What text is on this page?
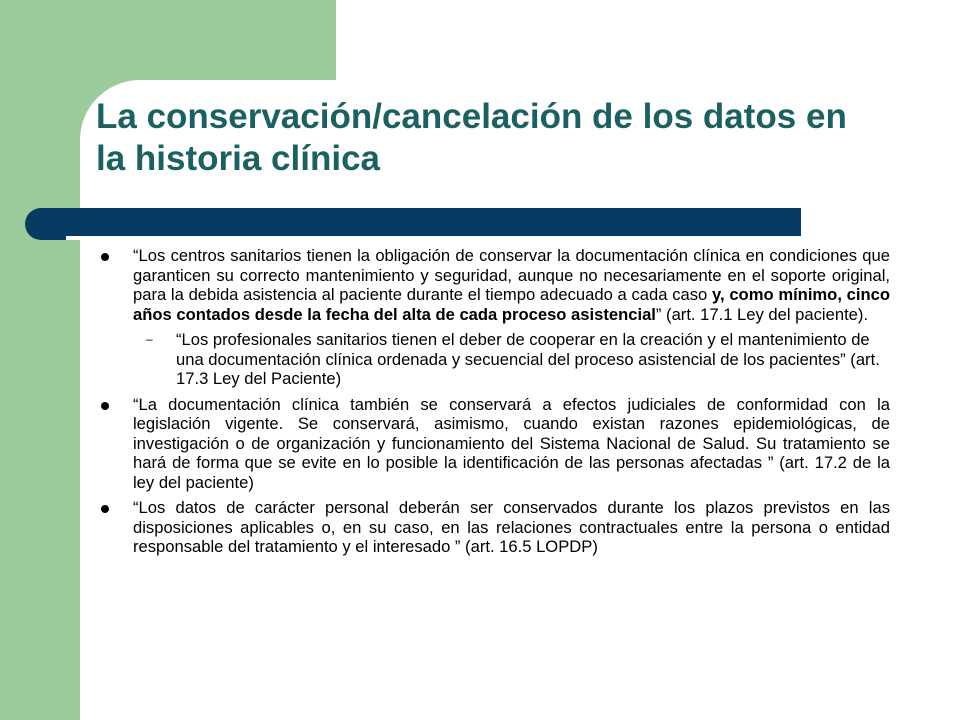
La conservación/cancelación de los datos en la historia clínica
“Los centros sanitarios tienen la obligación de conservar la documentación clínica en condiciones que garanticen su correcto mantenimiento y seguridad, aunque no necesariamente en el soporte original, para la debida asistencia al paciente durante el tiempo adecuado a cada caso y, como mínimo, cinco años contados desde la fecha del alta de cada proceso asistencial” (art. 17.1 Ley del paciente).
– “Los profesionales sanitarios tienen el deber de cooperar en la creación y el mantenimiento de una documentación clínica ordenada y secuencial del proceso asistencial de los pacientes” (art. 17.3 Ley del Paciente)
“La documentación clínica también se conservará a efectos judiciales de conformidad con la legislación vigente. Se conservará, asimismo, cuando existan razones epidemiológicas, de investigación o de organización y funcionamiento del Sistema Nacional de Salud. Su tratamiento se hará de forma que se evite en lo posible la identificación de las personas afectadas ” (art. 17.2 de la ley del paciente)
“Los datos de carácter personal deberán ser conservados durante los plazos previstos en las disposiciones aplicables o, en su caso, en las relaciones contractuales entre la persona o entidad responsable del tratamiento y el interesado ” (art. 16.5 LOPDP)
